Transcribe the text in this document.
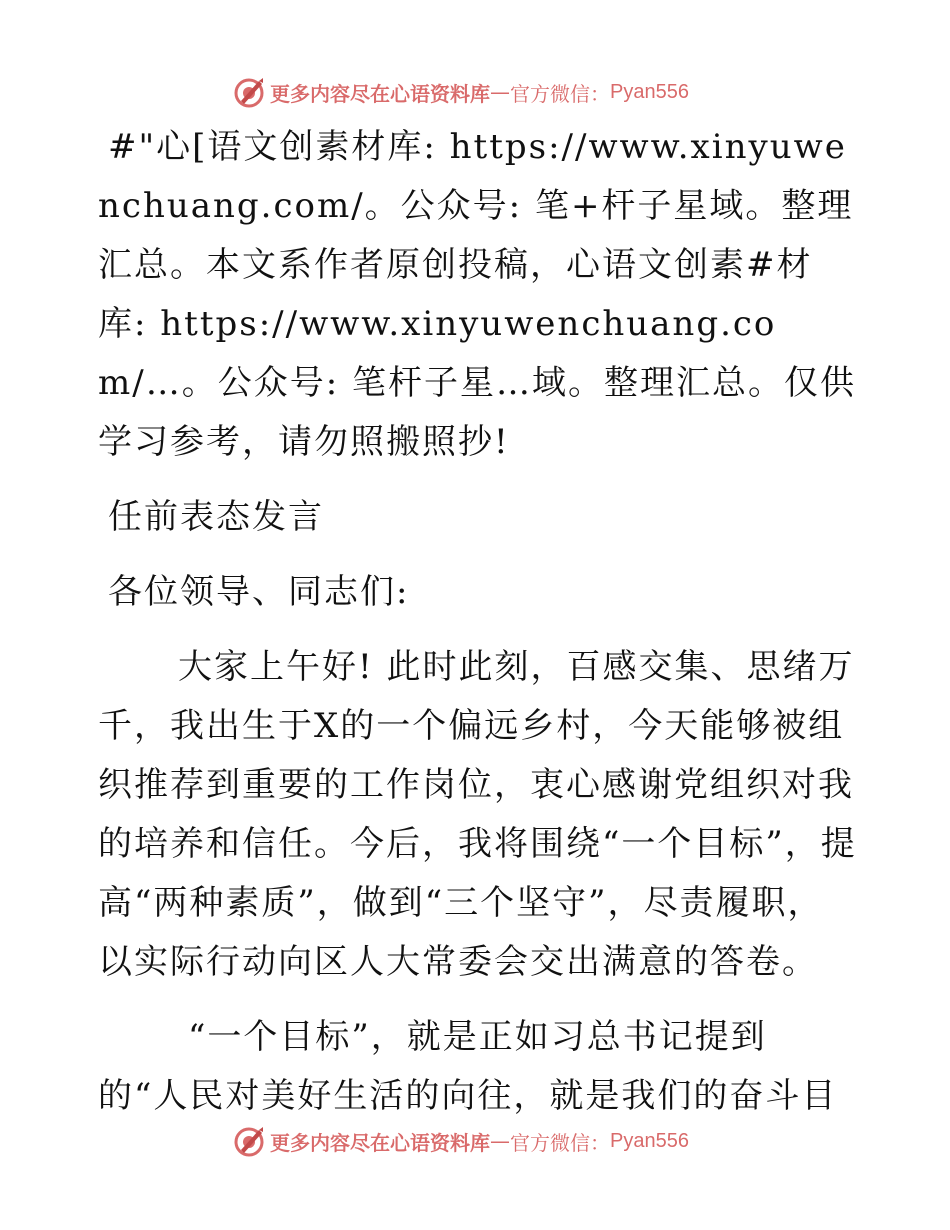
更多内容尽在心语资料库 — 官方微信： Pyan556

#"心[语文创素材库: https://www.xinyuwenchuang.com/。公众号: 笔+杆子星域。整理汇总。本文系作者原创投稿，心语文创素#材库: https://www.xinyuwenchuang.com/…。公众号: 笔杆子星…域。整理汇总。仅供学习参考，请勿照搬照抄!

任前表态发言

各位领导、同志们:

大家上午好! 此时此刻，百感交集、思绪万千，我出生于X的一个偏远乡村，今天能够被组织推荐到重要的工作岗位，衷心感谢党组织对我的培养和信任。今后，我将围绕“一个目标”，提高“两种素质”，做到“三个坚守”，尽责履职，以实际行动向区人大常委会交出满意的答卷。

“一个目标”，就是正如习总书记提到的“人民对美好生活的向往，就是我们的奋斗目

更多内容尽在心语资料库 — 官方微信： Pyan556
